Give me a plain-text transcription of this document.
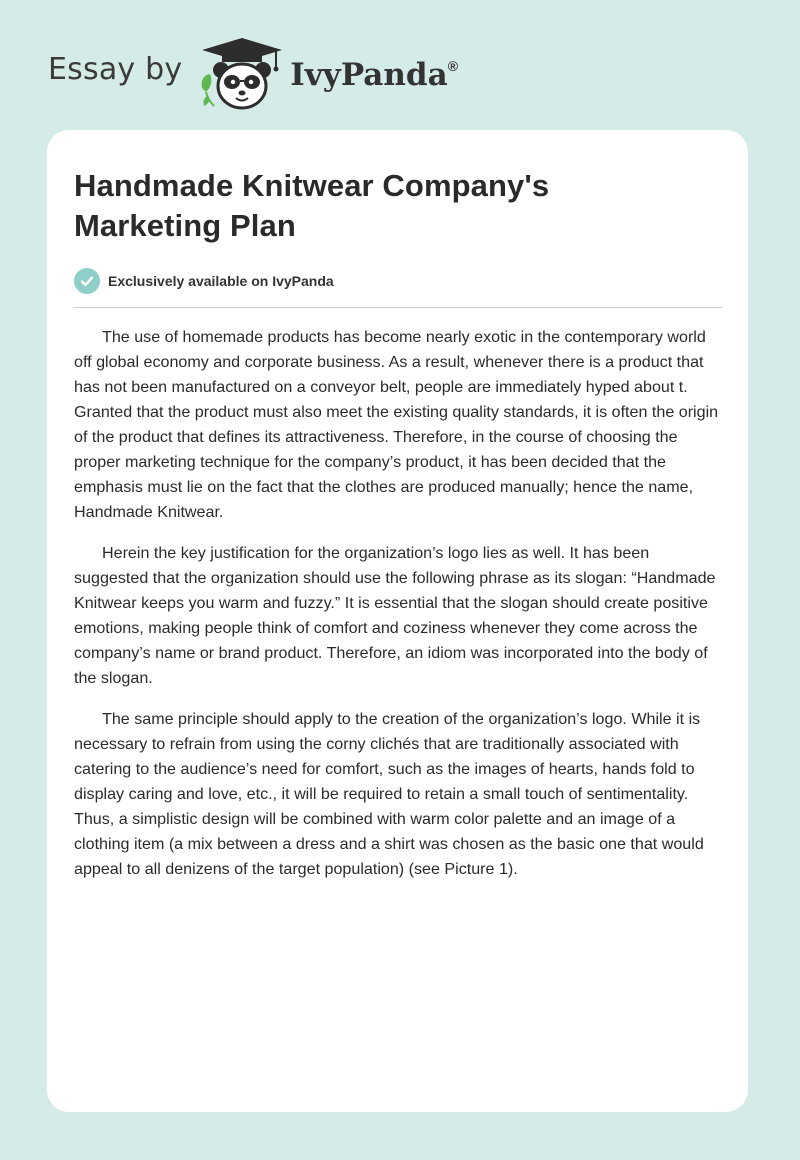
Essay by	IvyPanda®
Handmade Knitwear Company's
Marketing Plan
Exclusively available on IvyPanda

The use of homemade products has become nearly exotic in the contemporary world off global economy and corporate business. As a result, whenever there is a product that has not been manufactured on a conveyor belt, people are immediately hyped about t. Granted that the product must also meet the existing quality standards, it is often the origin of the product that defines its attractiveness. Therefore, in the course of choosing the proper marketing technique for the company’s product, it has been decided that the emphasis must lie on the fact that the clothes are produced manually; hence the name, Handmade Knitwear.

Herein the key justification for the organization’s logo lies as well. It has been suggested that the organization should use the following phrase as its slogan: “Handmade Knitwear keeps you warm and fuzzy.” It is essential that the slogan should create positive emotions, making people think of comfort and coziness whenever they come across the company’s name or brand product. Therefore, an idiom was incorporated into the body of the slogan.

The same principle should apply to the creation of the organization’s logo. While it is necessary to refrain from using the corny clichés that are traditionally associated with catering to the audience’s need for comfort, such as the images of hearts, hands fold to display caring and love, etc., it will be required to retain a small touch of sentimentality. Thus, a simplistic design will be combined with warm color palette and an image of a clothing item (a mix between a dress and a shirt was chosen as the basic one that would appeal to all denizens of the target population) (see Picture 1).
